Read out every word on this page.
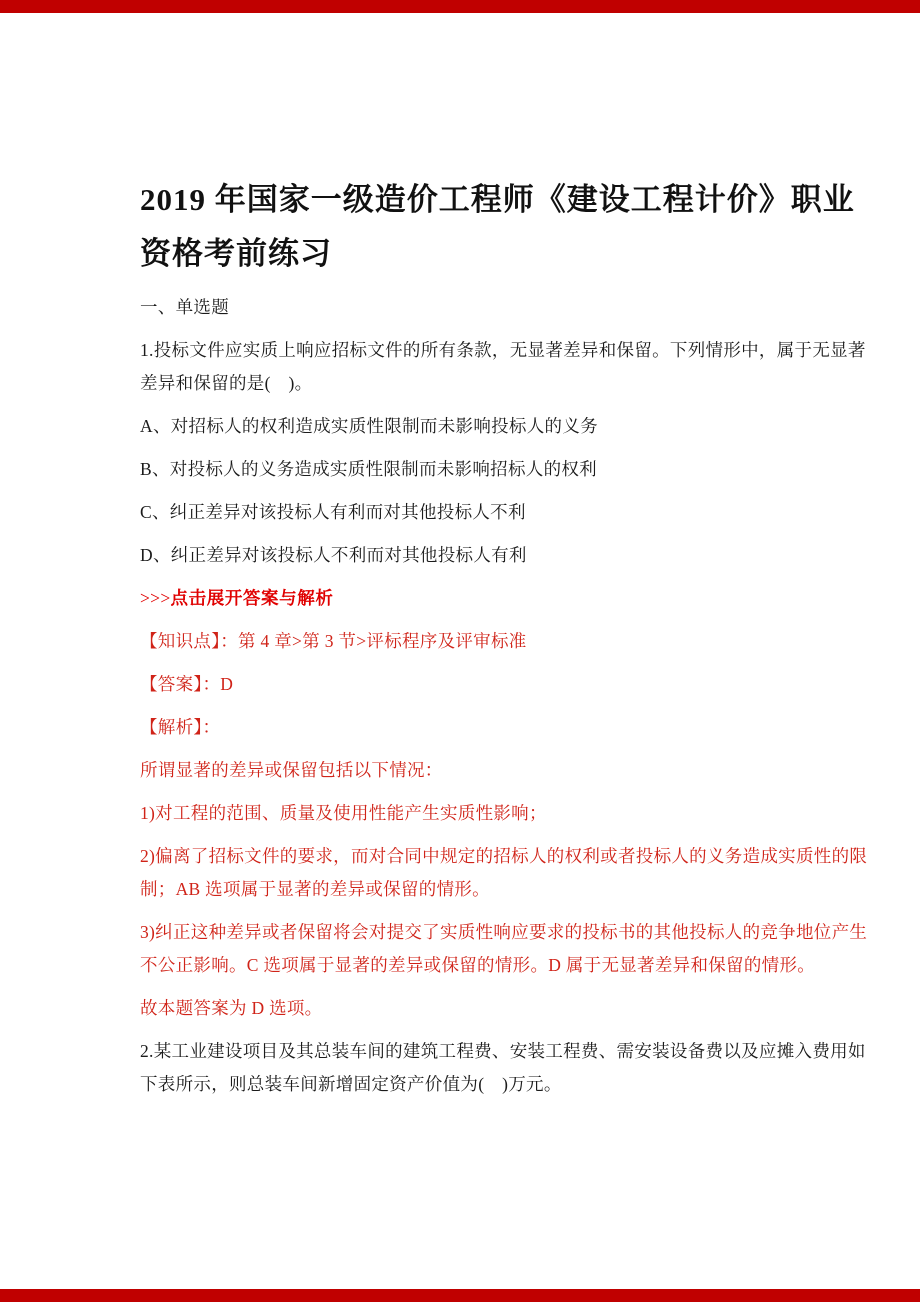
2019 年国家一级造价工程师《建设工程计价》职业资格考前练习

一、单选题

1.投标文件应实质上响应招标文件的所有条款，无显著差异和保留。下列情形中，属于无显著差异和保留的是(　)。

A、对招标人的权利造成实质性限制而未影响投标人的义务

B、对投标人的义务造成实质性限制而未影响招标人的权利

C、纠正差异对该投标人有利而对其他投标人不利

D、纠正差异对该投标人不利而对其他投标人有利

>>>点击展开答案与解析

【知识点】：第 4 章>第 3 节>评标程序及评审标准

【答案】：D

【解析】：

所谓显著的差异或保留包括以下情况：

1)对工程的范围、质量及使用性能产生实质性影响；

2)偏离了招标文件的要求，而对合同中规定的招标人的权利或者投标人的义务造成实质性的限制；AB 选项属于显著的差异或保留的情形。

3)纠正这种差异或者保留将会对提交了实质性响应要求的投标书的其他投标人的竞争地位产生不公正影响。C 选项属于显著的差异或保留的情形。D 属于无显著差异和保留的情形。

故本题答案为 D 选项。

2.某工业建设项目及其总装车间的建筑工程费、安装工程费、需安装设备费以及应摊入费用如下表所示，则总装车间新增固定资产价值为(　)万元。
